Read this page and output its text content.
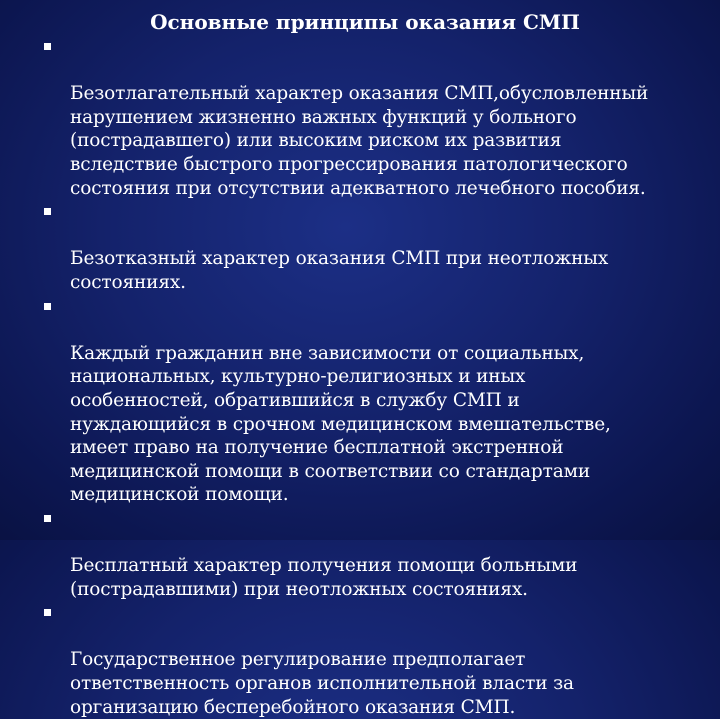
Основные принципы оказания СМП

Безотлагательный характер оказания СМП,обусловленный
нарушением жизненно важных функций у больного
(пострадавшего) или высоким риском их развития
вследствие быстрого прогрессирования патологического
состояния при отсутствии адекватного лечебного пособия.

Безотказный характер оказания СМП при неотложных
состояниях.

Каждый гражданин вне зависимости от социальных,
национальных, культурно-религиозных и иных
особенностей, обратившийся в службу СМП и
нуждающийся в срочном медицинском вмешательстве,
имеет право на получение бесплатной экстренной
медицинской помощи в соответствии со стандартами
медицинской помощи.

Бесплатный характер получения помощи больными
(пострадавшими) при неотложных состояниях.

Государственное регулирование предполагает
ответственность органов исполнительной власти за
организацию бесперебойного оказания СМП.
